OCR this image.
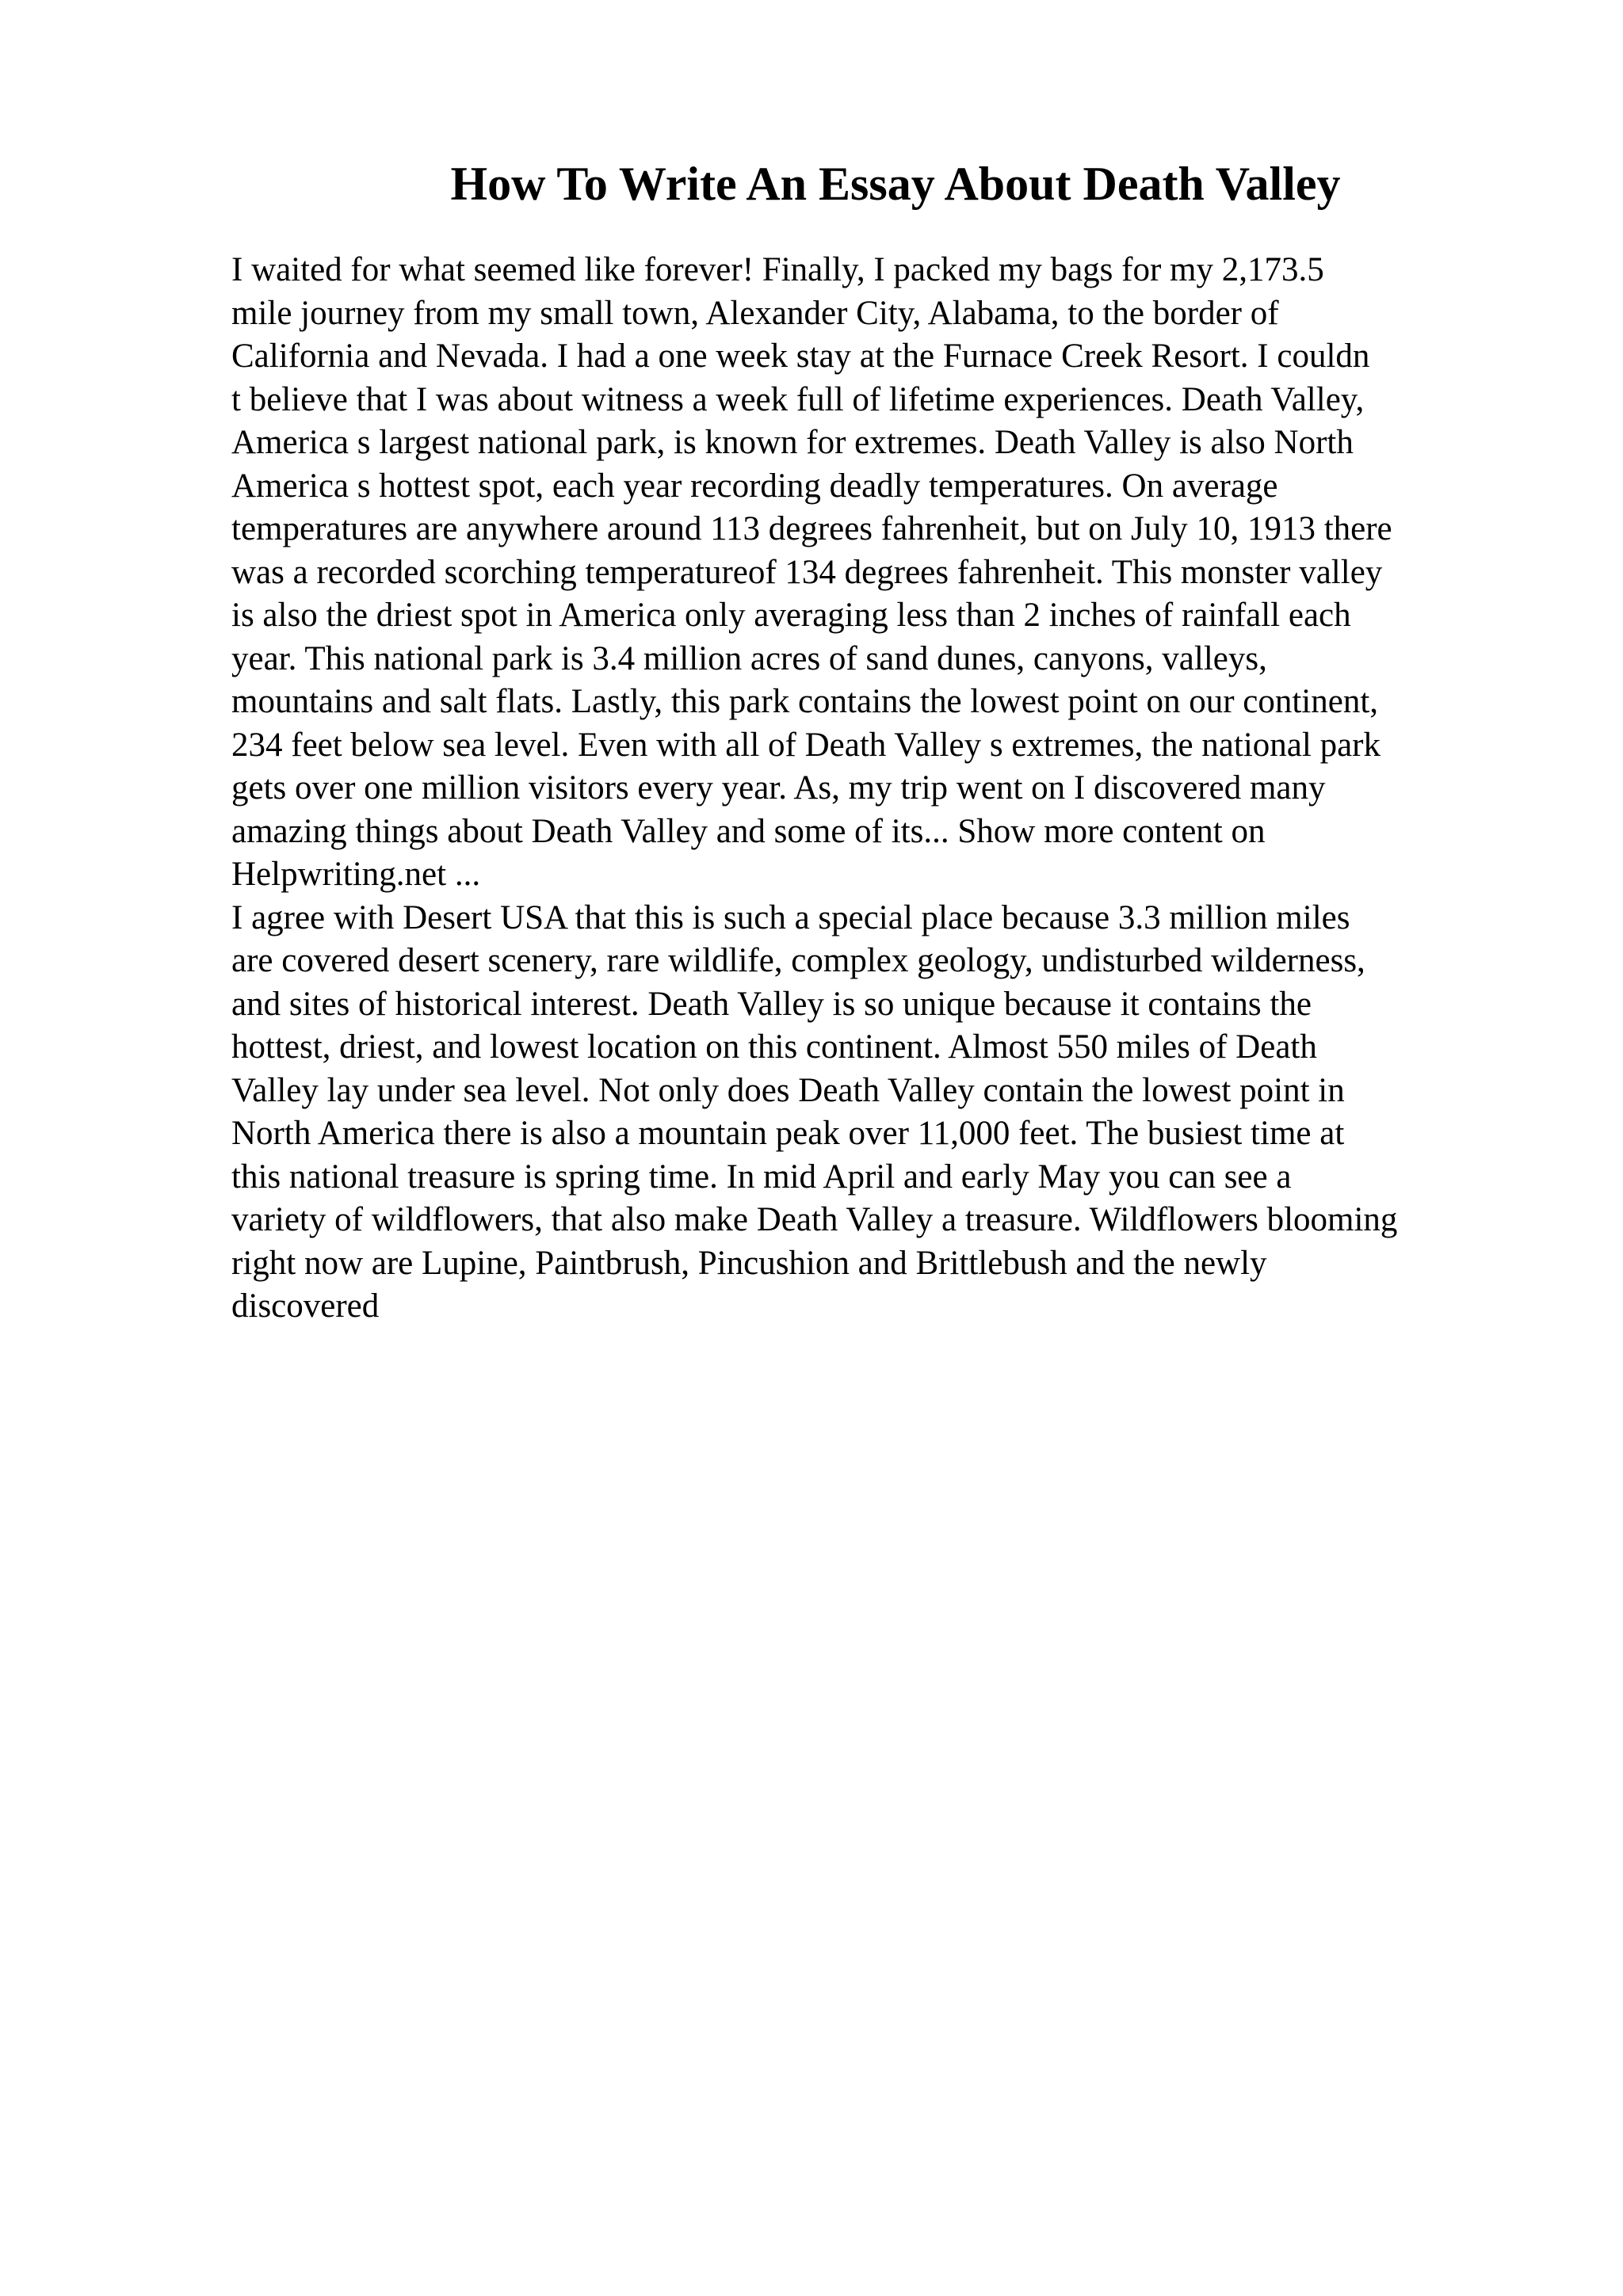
How To Write An Essay About Death Valley
I waited for what seemed like forever! Finally, I packed my bags for my 2,173.5
mile journey from my small town, Alexander City, Alabama, to the border of
California and Nevada. I had a one week stay at the Furnace Creek Resort. I couldn
t believe that I was about witness a week full of lifetime experiences. Death Valley,
America s largest national park, is known for extremes. Death Valley is also North
America s hottest spot, each year recording deadly temperatures. On average
temperatures are anywhere around 113 degrees fahrenheit, but on July 10, 1913 there
was a recorded scorching temperatureof 134 degrees fahrenheit. This monster valley
is also the driest spot in America only averaging less than 2 inches of rainfall each
year. This national park is 3.4 million acres of sand dunes, canyons, valleys,
mountains and salt flats. Lastly, this park contains the lowest point on our continent,
234 feet below sea level. Even with all of Death Valley s extremes, the national park
gets over one million visitors every year. As, my trip went on I discovered many
amazing things about Death Valley and some of its... Show more content on
Helpwriting.net ...
I agree with Desert USA that this is such a special place because 3.3 million miles
are covered desert scenery, rare wildlife, complex geology, undisturbed wilderness,
and sites of historical interest. Death Valley is so unique because it contains the
hottest, driest, and lowest location on this continent. Almost 550 miles of Death
Valley lay under sea level. Not only does Death Valley contain the lowest point in
North America there is also a mountain peak over 11,000 feet. The busiest time at
this national treasure is spring time. In mid April and early May you can see a
variety of wildflowers, that also make Death Valley a treasure. Wildflowers blooming
right now are Lupine, Paintbrush, Pincushion and Brittlebush and the newly
discovered
